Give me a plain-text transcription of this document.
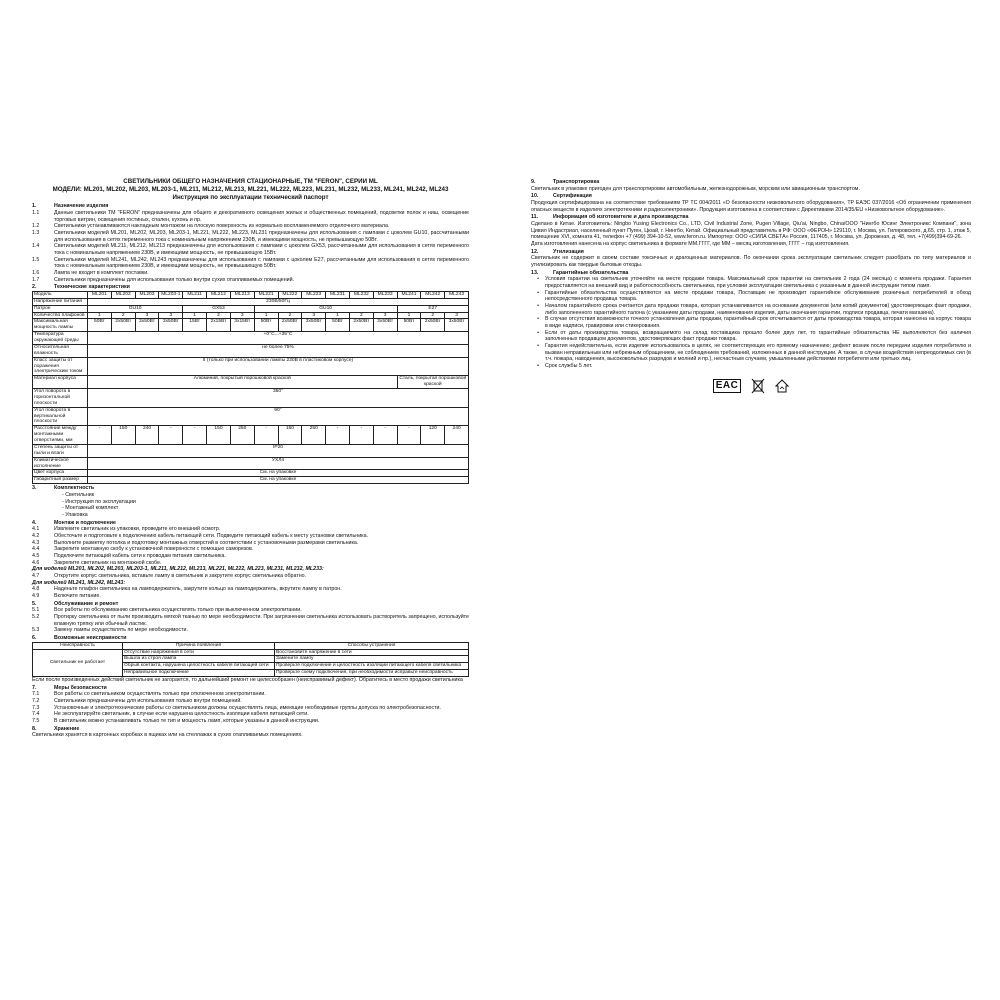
СВЕТИЛЬНИКИ ОБЩЕГО НАЗНАЧЕНИЯ СТАЦИОНАРНЫЕ, ТМ "FERON", СЕРИИ ML
МОДЕЛИ: ML201, ML202, ML203, ML203-1, ML211, ML212, ML213, ML221, ML222, ML223, ML231, ML232, ML233, ML241, ML242, ML243
Инструкция по эксплуатации технический паспорт
1.	Назначение изделия
1.1	Данные светильники ТМ "FERON" предназначены для общего и декоративного освещения жилых и общественных помещений, подсветки полок и ниш, освещение торговых витрин, освещения гостиных, спален, кухонь и пр.
1.2	Светильники устанавливаются накладным монтажом на плоскую поверхность из нормально воспламеняемого отделочного материала.
1.3	Светильники моделей ML201, ML202, ML203, ML203-1, ML221, ML222, ML223, ML231 предназначены для использования с лампами с цоколем GU10, рассчитанными для использования в сетях переменного тока с номинальным напряжением 230В, и имеющими мощность, не превышающую 50Вт.
1.4	Светильники моделей ML211, ML212, ML213 предназначены для использования с лампами с цоколем GX53, рассчитанными для использования в сетях переменного тока с номинальным напряжением 230В, и имеющими мощность, не превышающую 15Вт.
1.5	Светильники моделей ML241, ML242, ML243 предназначены для использования с лампами с цоколем E27, рассчитанными для использования в сетях переменного тока с номинальным напряжением 230В, и имеющими мощность, не превышающую 50Вт.
1.6	Лампа не входит в комплект поставки.
1.7	Светильники предназначены для использования только внутри сухих отапливаемых помещений.
2.	Технические характеристики
Модель	ML201	ML202	ML203	ML203-1	ML211	ML212	ML213	ML221	ML222	ML223	ML231	ML232	ML233	ML241	ML242	ML243
Напряжение питания	230В/50Гц															
Патрон	GU10				GX53			GU10						E27		
Количество плафонов	1	2	3	3	1	2	3	1	2	3	1	2	3	1	2	3
Максимальная мощность лампы	50Вт	2х50Вт	3х50Вт	3х50Вт	15Вт	2х15Вт	3х15Вт	50Вт	2х50Вт	3х50Вт	50Вт	2х50Вт	3х50Вт	50Вт	2х50Вт	3х50Вт
Температура окружающей среды	+0°С...+35°С															
Относительная влажность	не более 75%															
Класс защиты от поражения электрическим током	II (только при использовании лампы 230В в пластиковом корпусе)															
Материал корпуса	Алюминий, покрытый порошковой краской													Сталь, покрытая порошковой краской		
Угол поворота в горизонтальной плоскости	350°															
Угол поворота в вертикальной плоскости	90°															
Расстояние между монтажными отверстиями, мм	-	150	240	-	-	150	250	-	150	250	-	-	-	-	120	240
Степень защиты от пыли и влаги	IP20															
Климатическое исполнение	УХЛ4															
Цвет корпуса	См. на упаковке															
Габаритный размер	См. на упаковке															
3.	Комплектность
- Светильник
- Инструкция по эксплуатации
- Монтажный комплект
- Упаковка
4.	Монтаж и подключение
4.1	Извлеките светильник из упаковки, проведите его внешний осмотр.
4.2	Обесточьте и подготовьте к подключению кабель питающей сети. Подведите питающий кабель к месту установки светильника.
4.3	Выполните разметку потолка и подготовку монтажных отверстий в соответствии с установочными размерами светильника.
4.4	Закрепите монтажную скобу к установочной поверхности с помощью саморезов.
4.5	Подключите питающий кабель сети к проводам питания светильника.
4.6	Закрепите светильник на монтажной скобе.
Для моделей ML201, ML202, ML203, ML203-1, ML211, ML212, ML213, ML221, ML222, ML223, ML231, ML232, ML233:
4.7	Открутите корпус светильника, вставьте лампу в светильник и закрутите корпус светильника обратно.
Для моделей ML241, ML242, ML243:
4.8	Наденьте плафон светильника на ламподержатель, закрутите кольцо на ламподержатель, вкрутите лампу в патрон.
4.9	Включите питание.
5.	Обслуживание и ремонт
5.1	Все работы по обслуживанию светильника осуществлять только при выключенном электропитании.
5.2	Протирку светильника от пыли производить мягкой тканью по мере необходимости. При загрязнении светильника использовать растворитель запрещено, используйте влажную тряпку или обычный ластик.
5.3	Замену лампы осуществлять по мере необходимости.
6.	Возможные неисправности
Неисправность	Причина появления	Способы устранения
Светильник не работает	Отсутствие напряжения в сети	Восстановите напряжение в сети
	Вышла из строя лампа	Замените лампу
	Обрыв контакта, нарушена целостность кабеля питающей сети	Проверьте подключение и целостность изоляции питающего кабеля светильника
	Неправильное подключение	Проверьте схему подключения, при необходимости исправьте неисправность
Если после произведенных действий светильник не загорается, то дальнейший ремонт не целесообразен (неисправимый дефект). Обратитесь в место продажи светильника
7.	Меры безопасности
7.1	Все работы со светильником осуществлять только при отключенном электропитании.
7.2	Светильники предназначены для использования только внутри помещений.
7.3	Установочные и электротехнические работы со светильником должны осуществлять лица, имеющие необходимые группы допуска по электробезопасности.
7.4	Не эксплуатируйте светильник, в случае если нарушена целостность изоляции кабеля питающей сети.
7.5	В светильник можно устанавливать только те тип и мощность ламп, которые указаны в данной инструкции.
8.	Хранение
Светильники хранятся в картонных коробках в ящиках или на стеллажах в сухих отапливаемых помещениях.
9.	Транспортировка
Светильник в упаковке пригоден для транспортировки автомобильным, железнодорожным, морским или авиационным транспортом.
10.	Сертификация
Продукция сертифицирована на соответствие требованиям ТР ТС 004/2011 «О безопасности низковольтного оборудования», ТР ЕАЭС 037/2016 «Об ограничении применения опасных веществ в изделиях электротехники и радиоэлектроники». Продукция изготовлена в соответствии с Директивами 2014/35/EU «Низковольтное оборудование».
11.	Информация об изготовителе и дата производства
Сделано в Китае. Изготовитель: Ningbo Yusing Electronics Co., LTD, Civil Industrial Zone, Pugen Village, Qiu'ai, Ningbo, China/ООО "Нингбо Юсинг Электроникс Компани", зона Цивил Индастриал, населенный пункт Пуген, Цюай, г. Нингбо, Китай. Официальный представитель в РФ: ООО «ФЕРОН» 129110, г. Москва, ул. Гиляровского, д.65, стр. 1, этаж 5, помещение XVI, комната 41, телефон +7 (499) 394-10-52, www.feron.ru. Импортер: ООО «СИЛА СВЕТА» Россия, 117405, г. Москва, ул. Дорожная, д. 48, тел. +7(499)394-69-26.
Дата изготовления нанесена на корпус светильника в формате ММ.ГГГГ, где ММ – месяц изготовления, ГГГГ – год изготовления.
12.	Утилизация
Светильник не содержит в своем составе токсичных и драгоценных материалов. По окончании срока эксплуатации светильник следует разобрать по типу материалов и утилизировать как твердые бытовые отходы.
13.	Гарантийные обязательства
•	Условия гарантии на светильник уточняйте на месте продажи товара. Максимальный срок гарантии на светильник 2 года (24 месяца) с момента продажи. Гарантия предоставляется на внешний вид и работоспособность светильника, при условии эксплуатации светильника с указанным в данной инструкции типом ламп.
•	Гарантийные обязательства осуществляются на месте продажи товара, Поставщик не производит гарантийное обслуживание розничных потребителей в обход непосредственного продавца товара.
•	Началом гарантийного срока считается дата продажи товара, которая устанавливается на основании документов (или копий документов) удостоверяющих факт продажи, либо заполненного гарантийного талона (с указанием даты продажи, наименования изделия, даты окончания гарантии, подписи продавца, печати магазина).
•	В случае отсутствия возможности точного установления даты продажи, гарантийный срок отсчитывается от даты производства товара, которая нанесена на корпус товара в виде надписи, гравировки или стикерования.
•	Если от даты производства товара, возвращаемого на склад поставщика прошло более двух лет, то гарантийные обязательства НЕ выполняются без наличия заполненных продавцом документов, удостоверяющих факт продажи товара.
•	Гарантия недействительна, если изделие использовалось в целях, не соответствующих его прямому назначению; дефект возник после передачи изделия потребителю и вызван неправильным или небрежным обращением, не соблюдением требований, изложенных в данной инструкции. А также, в случае воздействия непреодолимых сил (в т.ч. пожара, наводнения, высоковольтных разрядов и молний и пр.), несчастным случаем, умышленными действиями потребителя или третьих лиц.
•	Срок службы 5 лет.
EAC
